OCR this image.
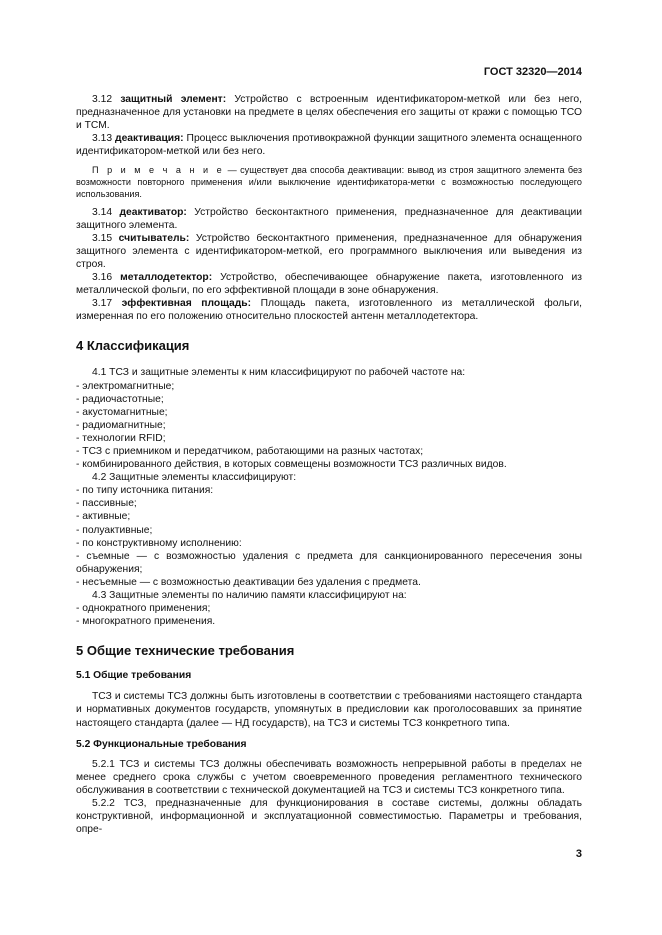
ГОСТ 32320—2014

3.12 защитный элемент: Устройство с встроенным идентификатором-меткой или без него, предназначенное для установки на предмете в целях обеспечения его защиты от кражи с помощью ТСО и ТСМ.

3.13 деактивация: Процесс выключения противокражной функции защитного элемента оснащенного идентификатором-меткой или без него.

П р и м е ч а н и е — существует два способа деактивации: вывод из строя защитного элемента без возможности повторного применения и/или выключение идентификатора-метки с возможностью последующего использования.

3.14 деактиватор: Устройство бесконтактного применения, предназначенное для деактивации защитного элемента.

3.15 считыватель: Устройство бесконтактного применения, предназначенное для обнаружения защитного элемента с идентификатором-меткой, его программного выключения или выведения из строя.

3.16 металлодетектор: Устройство, обеспечивающее обнаружение пакета, изготовленного из металлической фольги, по его эффективной площади в зоне обнаружения.

3.17 эффективная площадь: Площадь пакета, изготовленного из металлической фольги, измеренная по его положению относительно плоскостей антенн металлодетектора.

4 Классификация

4.1 ТСЗ и защитные элементы к ним классифицируют по рабочей частоте на:

- электромагнитные;

- радиочастотные;

- акустомагнитные;

- радиомагнитные;

- технологии RFID;

- ТСЗ с приемником и передатчиком, работающими на разных частотах;

- комбинированного действия, в которых совмещены возможности ТСЗ различных видов.

4.2 Защитные элементы классифицируют:

- по типу источника питания:

- пассивные;

- активные;

- полуактивные;

- по конструктивному исполнению:

- съемные — с возможностью удаления с предмета для санкционированного пересечения зоны обнаружения;

- несъемные — с возможностью деактивации без удаления с предмета.

4.3 Защитные элементы по наличию памяти классифицируют на:

- однократного применения;

- многократного применения.

5 Общие технические требования
5.1 Общие требования

ТСЗ и системы ТСЗ должны быть изготовлены в соответствии с требованиями настоящего стандарта и нормативных документов государств, упомянутых в предисловии как проголосовавших за принятие настоящего стандарта (далее — НД государств), на ТСЗ и системы ТСЗ конкретного типа.

5.2 Функциональные требования

5.2.1 ТСЗ и системы ТСЗ должны обеспечивать возможность непрерывной работы в пределах не менее среднего срока службы с учетом своевременного проведения регламентного технического обслуживания в соответствии с технической документацией на ТСЗ и системы ТСЗ конкретного типа.

5.2.2 ТСЗ, предназначенные для функционирования в составе системы, должны обладать конструктивной, информационной и эксплуатационной совместимостью. Параметры и требования, опре-

3
